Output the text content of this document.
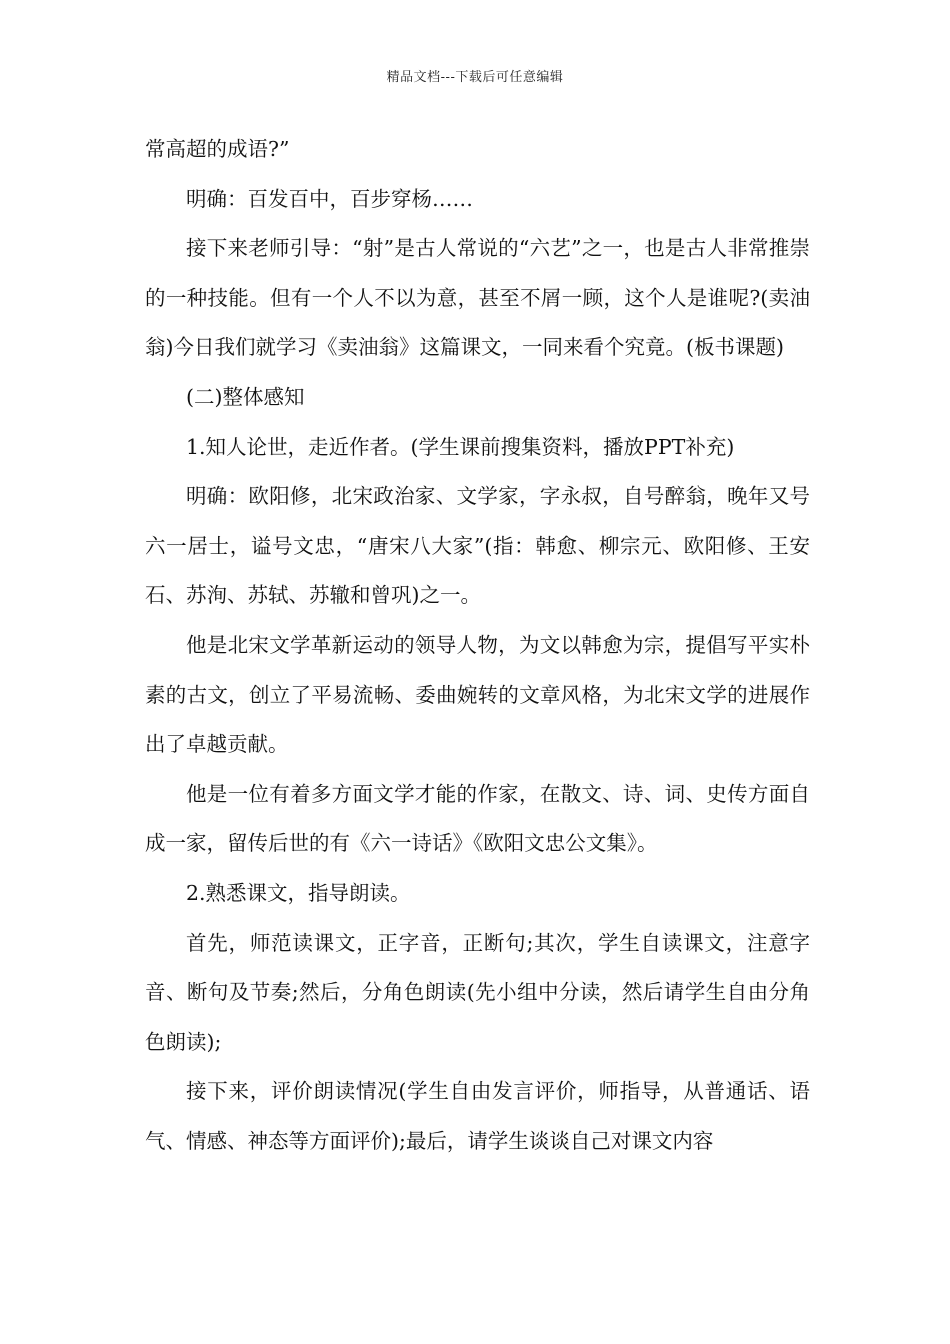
精品文档---下载后可任意编辑

常高超的成语?”

明确：百发百中，百步穿杨……

接下来老师引导：“射”是古人常说的“六艺”之一，也是古人非常推崇的一种技能。但有一个人不以为意，甚至不屑一顾，这个人是谁呢?(卖油翁)今日我们就学习《卖油翁》这篇课文，一同来看个究竟。(板书课题)

(二)整体感知

1.知人论世，走近作者。(学生课前搜集资料，播放PPT补充)

明确：欧阳修，北宋政治家、文学家，字永叔，自号醉翁，晚年又号六一居士，谥号文忠，“唐宋八大家”(指：韩愈、柳宗元、欧阳修、王安石、苏洵、苏轼、苏辙和曾巩)之一。

他是北宋文学革新运动的领导人物，为文以韩愈为宗，提倡写平实朴素的古文，创立了平易流畅、委曲婉转的文章风格，为北宋文学的进展作出了卓越贡献。

他是一位有着多方面文学才能的作家，在散文、诗、词、史传方面自成一家，留传后世的有《六一诗话》《欧阳文忠公文集》。

2.熟悉课文，指导朗读。

首先，师范读课文，正字音，正断句;其次，学生自读课文，注意字音、断句及节奏;然后，分角色朗读(先小组中分读，然后请学生自由分角色朗读);

接下来，评价朗读情况(学生自由发言评价，师指导，从普通话、语气、情感、神态等方面评价);最后，请学生谈谈自己对课文内容
